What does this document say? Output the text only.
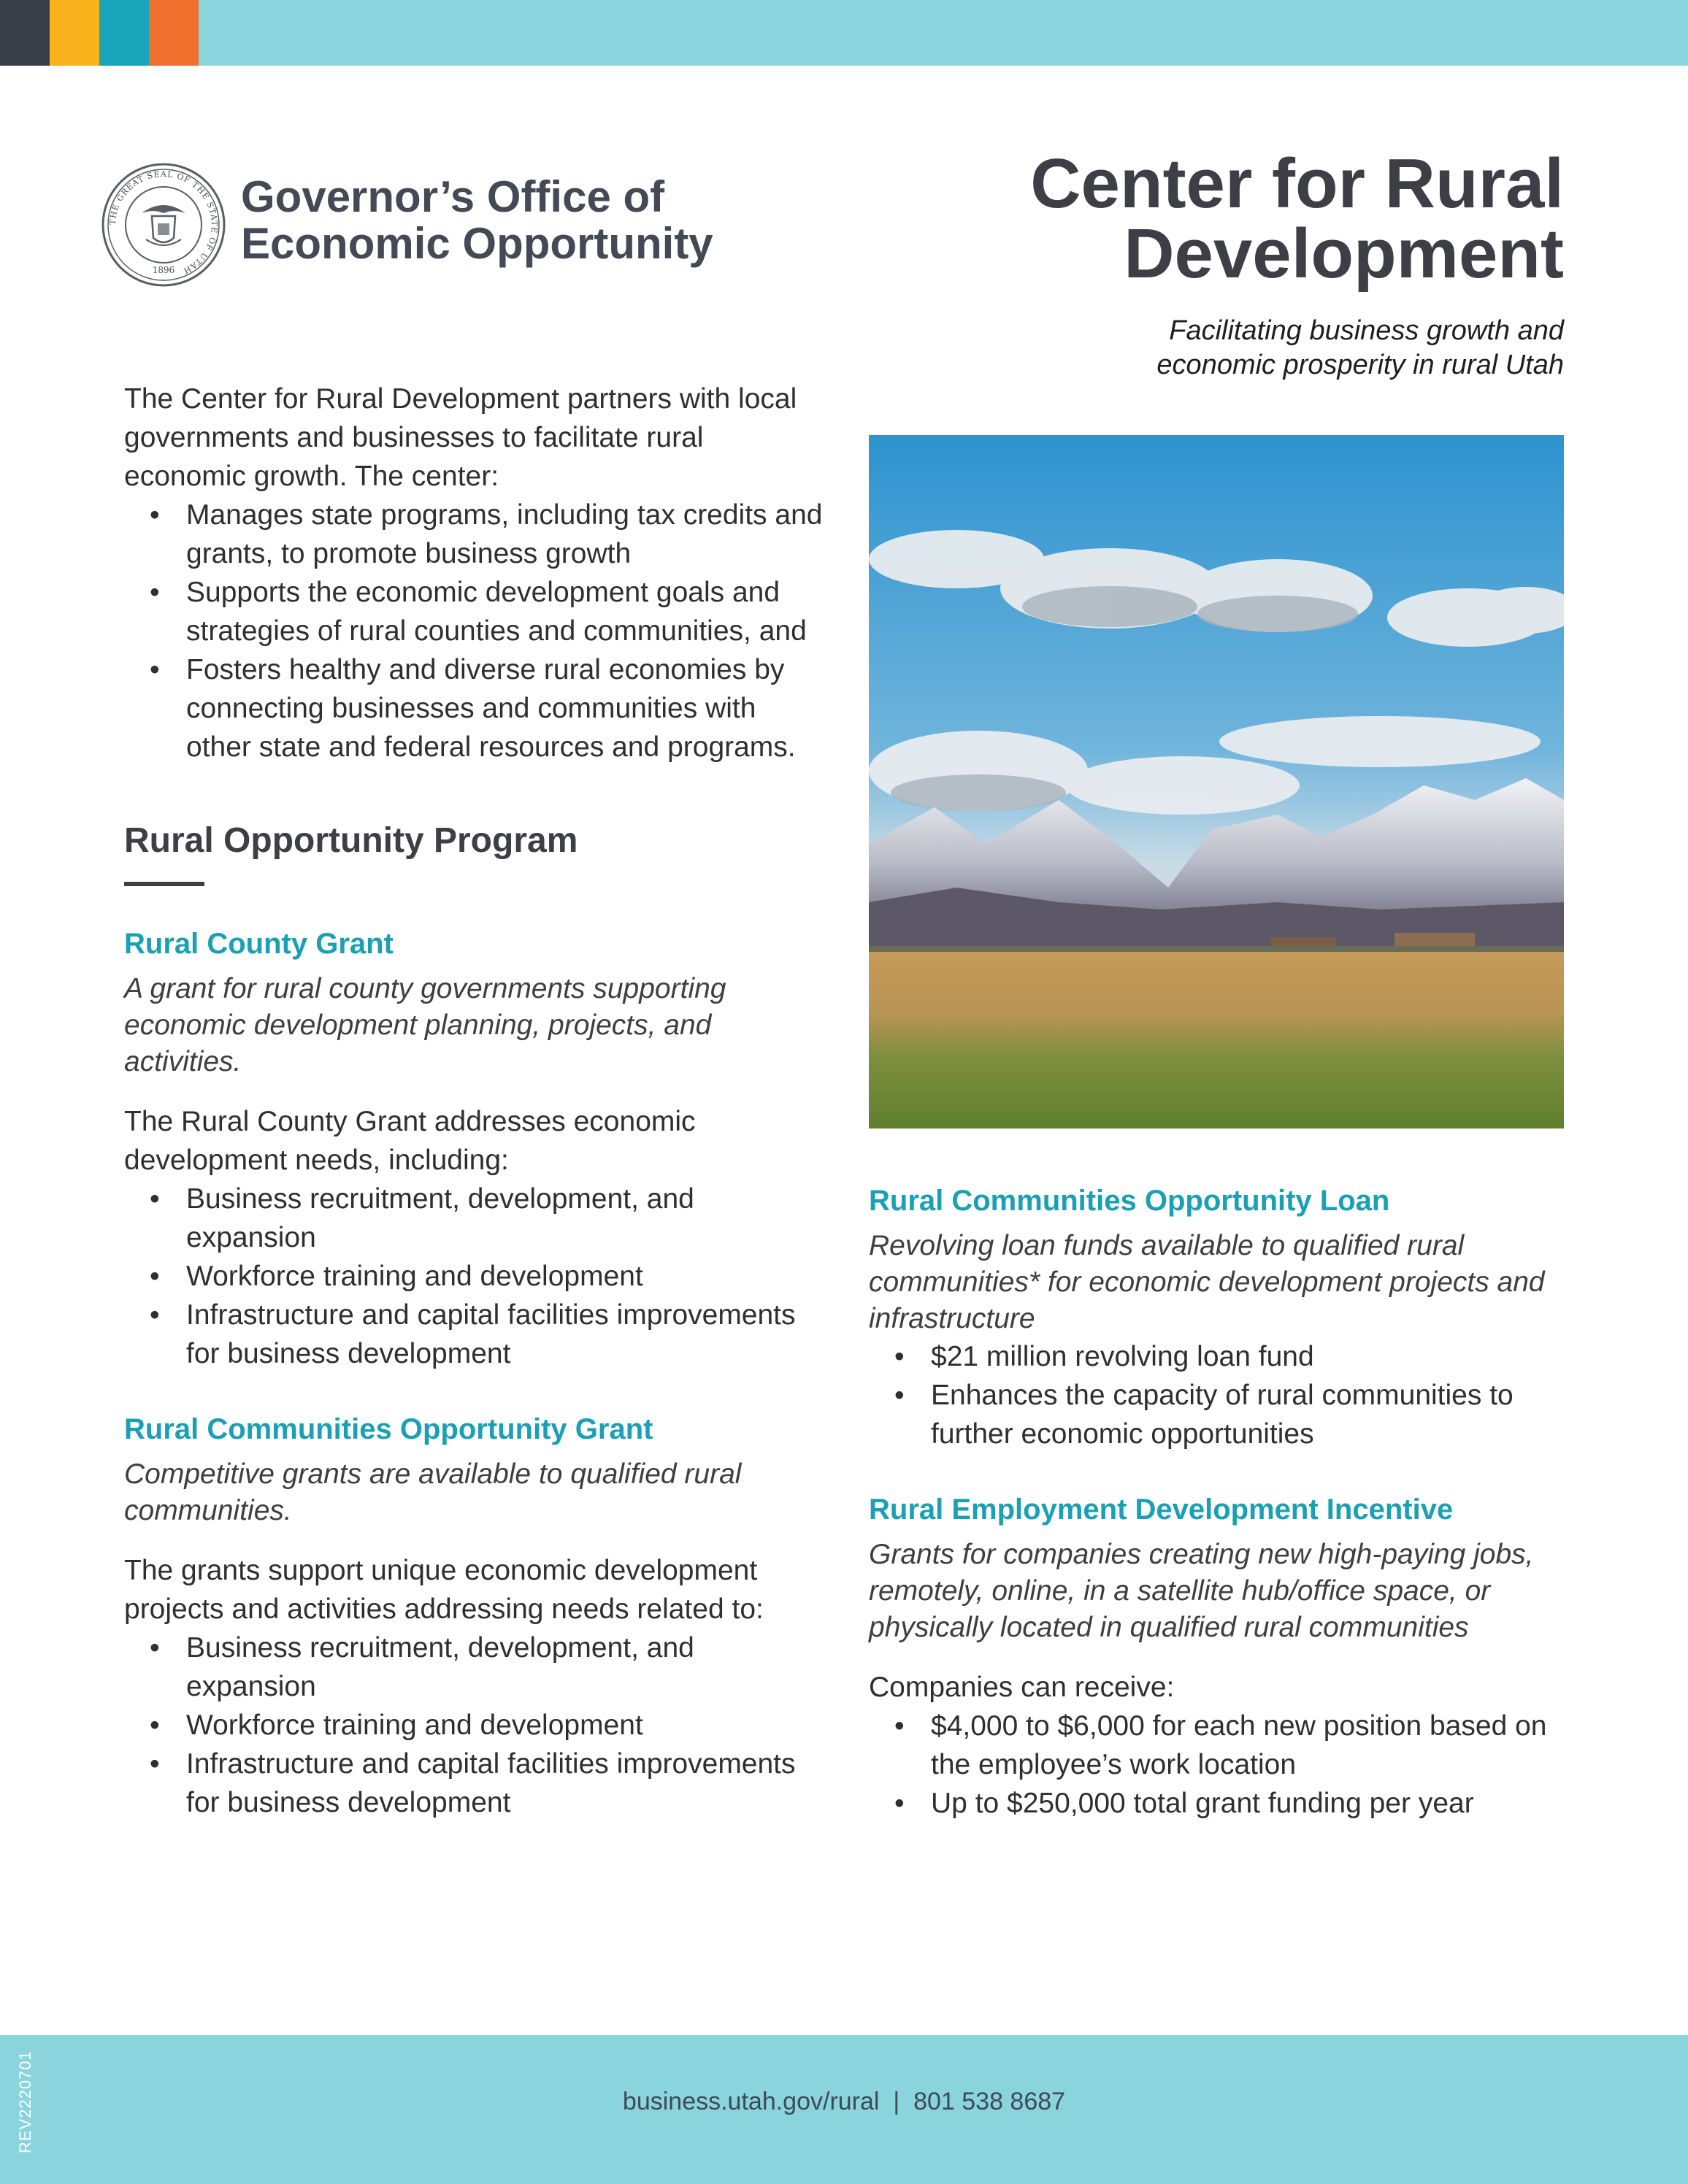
THE GREAT SEAL OF THE STATE OF UTAH
1896
Governor’s Office of
Economic Opportunity
Center for Rural
Development
Facilitating business growth and
economic prosperity in rural Utah

The Center for Rural Development partners with local governments and businesses to facilitate rural economic growth. The center:

• Manages state programs, including tax credits and grants, to promote business growth
• Supports the economic development goals and strategies of rural counties and communities, and
• Fosters healthy and diverse rural economies by connecting businesses and communities with other state and federal resources and programs.
Rural Opportunity Program
Rural County Grant

A grant for rural county governments supporting economic development planning, projects, and activities.

The Rural County Grant addresses economic development needs, including:

• Business recruitment, development, and expansion
• Workforce training and development
• Infrastructure and capital facilities improvements for business development
Rural Communities Opportunity Grant

Competitive grants are available to qualified rural communities.

The grants support unique economic development projects and activities addressing needs related to:

• Business recruitment, development, and expansion
• Workforce training and development
• Infrastructure and capital facilities improvements for business development
Rural Communities Opportunity Loan

Revolving loan funds available to qualified rural communities* for economic development projects and infrastructure

• $21 million revolving loan fund
• Enhances the capacity of rural communities to further economic opportunities
Rural Employment Development Incentive

Grants for companies creating new high-paying jobs, remotely, online, in a satellite hub/office space, or physically located in qualified rural communities

Companies can receive:

• $4,000 to $6,000 for each new position based on the employee’s work location
• Up to $250,000 total grant funding per year
business.utah.gov/rural  |  801 538 8687
REV2220701
